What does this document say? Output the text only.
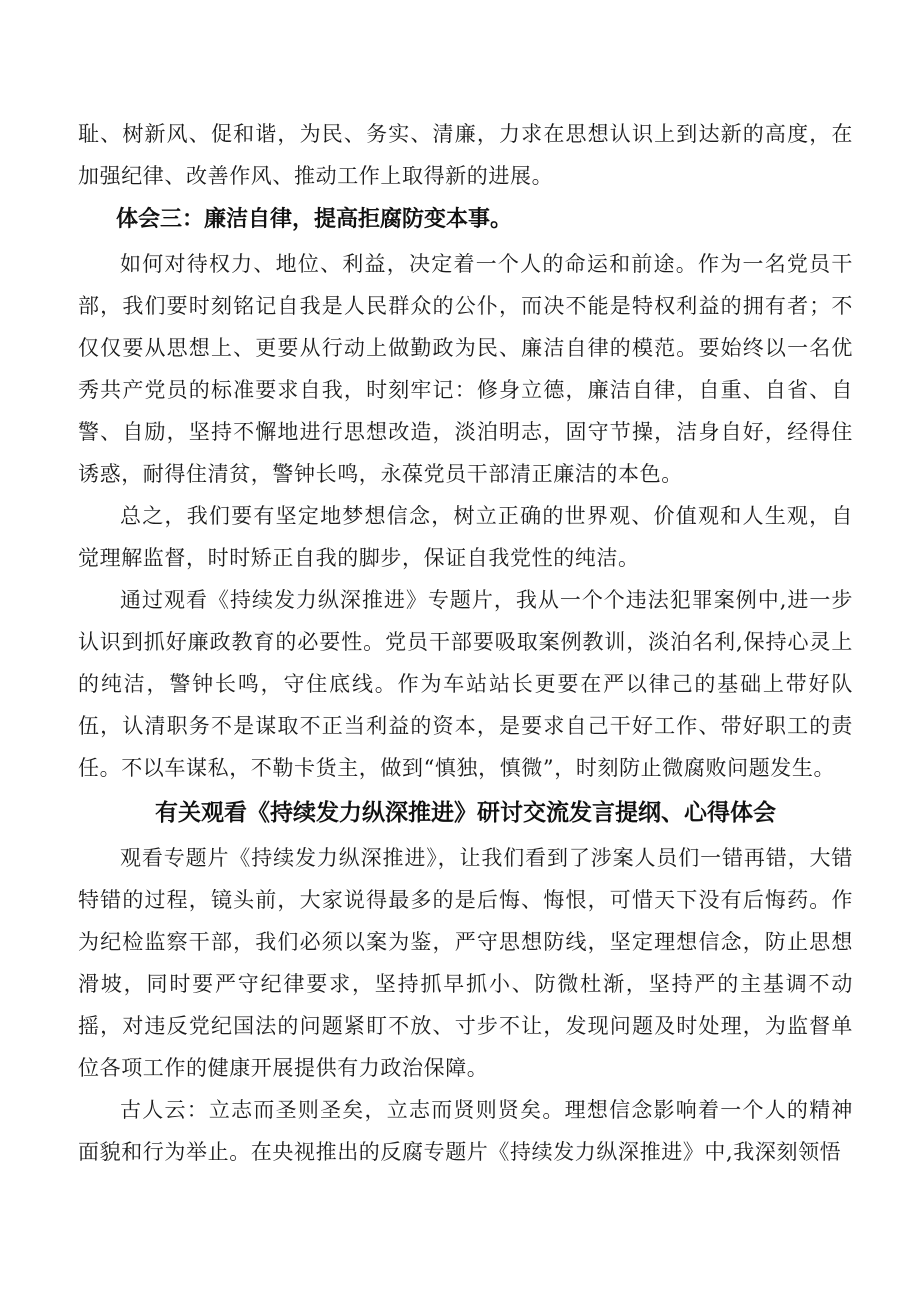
耻、树新风、促和谐，为民、务实、清廉，力求在思想认识上到达新的高度，在加强纪律、改善作风、推动工作上取得新的进展。

体会三：廉洁自律，提高拒腐防变本事。

如何对待权力、地位、利益，决定着一个人的命运和前途。作为一名党员干部，我们要时刻铭记自我是人民群众的公仆，而决不能是特权利益的拥有者；不仅仅要从思想上、更要从行动上做勤政为民、廉洁自律的模范。要始终以一名优秀共产党员的标准要求自我，时刻牢记：修身立德，廉洁自律，自重、自省、自警、自励，坚持不懈地进行思想改造，淡泊明志，固守节操，洁身自好，经得住诱惑，耐得住清贫，警钟长鸣，永葆党员干部清正廉洁的本色。

总之，我们要有坚定地梦想信念，树立正确的世界观、价值观和人生观，自觉理解监督，时时矫正自我的脚步，保证自我党性的纯洁。

通过观看《持续发力纵深推进》专题片，我从一个个违法犯罪案例中,进一步认识到抓好廉政教育的必要性。党员干部要吸取案例教训，淡泊名利,保持心灵上的纯洁，警钟长鸣，守住底线。作为车站站长更要在严以律己的基础上带好队伍，认清职务不是谋取不正当利益的资本，是要求自己干好工作、带好职工的责任。不以车谋私，不勒卡货主，做到“慎独，慎微”，时刻防止微腐败问题发生。

有关观看《持续发力纵深推进》研讨交流发言提纲、心得体会

观看专题片《持续发力纵深推进》，让我们看到了涉案人员们一错再错，大错特错的过程，镜头前，大家说得最多的是后悔、悔恨，可惜天下没有后悔药。作为纪检监察干部，我们必须以案为鉴，严守思想防线，坚定理想信念，防止思想滑坡，同时要严守纪律要求，坚持抓早抓小、防微杜渐，坚持严的主基调不动摇，对违反党纪国法的问题紧盯不放、寸步不让，发现问题及时处理，为监督单位各项工作的健康开展提供有力政治保障。

古人云：立志而圣则圣矣，立志而贤则贤矣。理想信念影响着一个人的精神面貌和行为举止。在央视推出的反腐专题片《持续发力纵深推进》中,我深刻领悟
